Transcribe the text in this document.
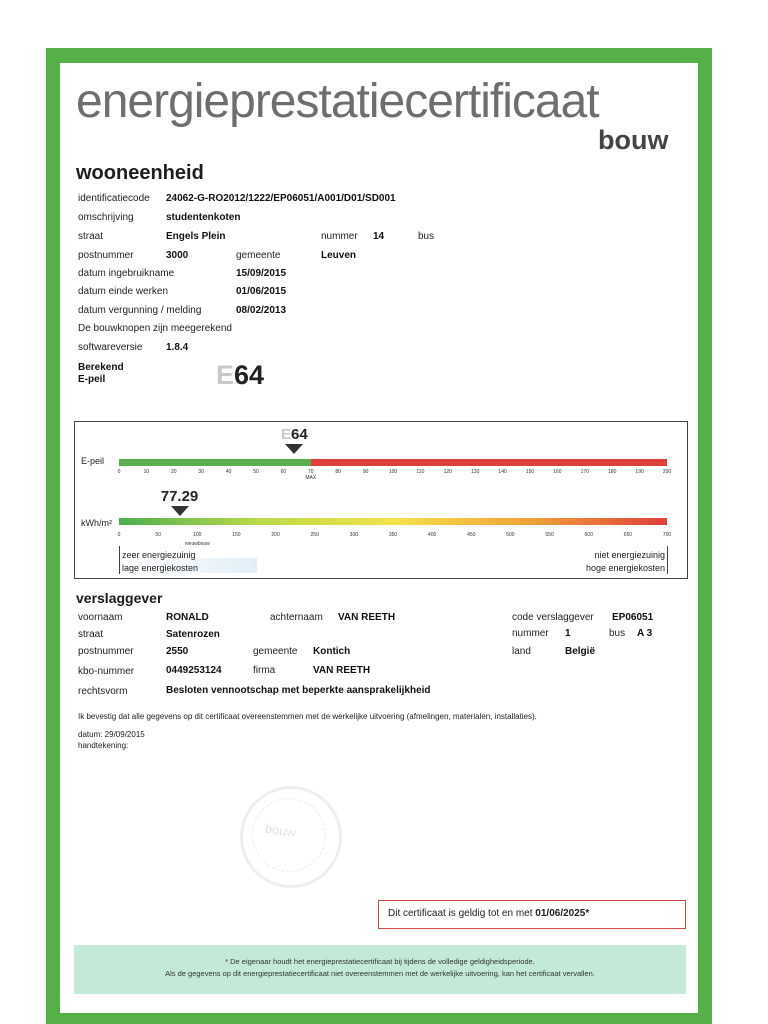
energieprestatiecertificaat
bouw
wooneenheid
identificatiecode 24062-G-RO2012/1222/EP06051/A001/D01/SD001
omschrijving	studentenkoten
straat	Engels Plein	nummer 14	bus
postnummer	3000	gemeente	Leuven
datum ingebruikname	15/09/2015
datum einde werken	01/06/2015
datum vergunning / melding	08/02/2013
De bouwknopen zijn meegerekend
softwareversie 1.8.4
Berekend
E-peil	E64
E-peil
0	10	20	30	40	50	60	70	80	90	100	110	120	130	140	150	160	170	180	190	200
MAX
E64
kWh/m²
0	50	100	150	200	250	300	350	400	450	500	550	600	650	700
nieuwbouw
77.29
zeer energiezuinig
lage energiekosten
niet energiezuinig
hoge energiekosten
verslaggever
voornaam	RONALD	achternaam VAN REETH	code verslaggever EP06051
straat	Satenrozen	nummer 1	bus A 3
postnummer	2550	gemeente Kontich	land	België
kbo-nummer	0449253124	firma	VAN REETH
rechtsvorm	Besloten vennootschap met beperkte aansprakelijkheid
Ik bevestig dat alle gegevens op dit certificaat overeenstemmen met de werkelijke uitvoering (afmelingen, materialen, installaties).
datum: 29/09/2015
handtekening:
bouw
Dit certificaat is geldig tot en met 01/06/2025*
* De eigenaar houdt het energieprestatiecertificaat bij tijdens de volledige geldigheidsperiode.
Als de gegevens op dit energieprestatiecertificaat niet overeenstemmen met de werkelijke uitvoering, kan het certificaat vervallen.
